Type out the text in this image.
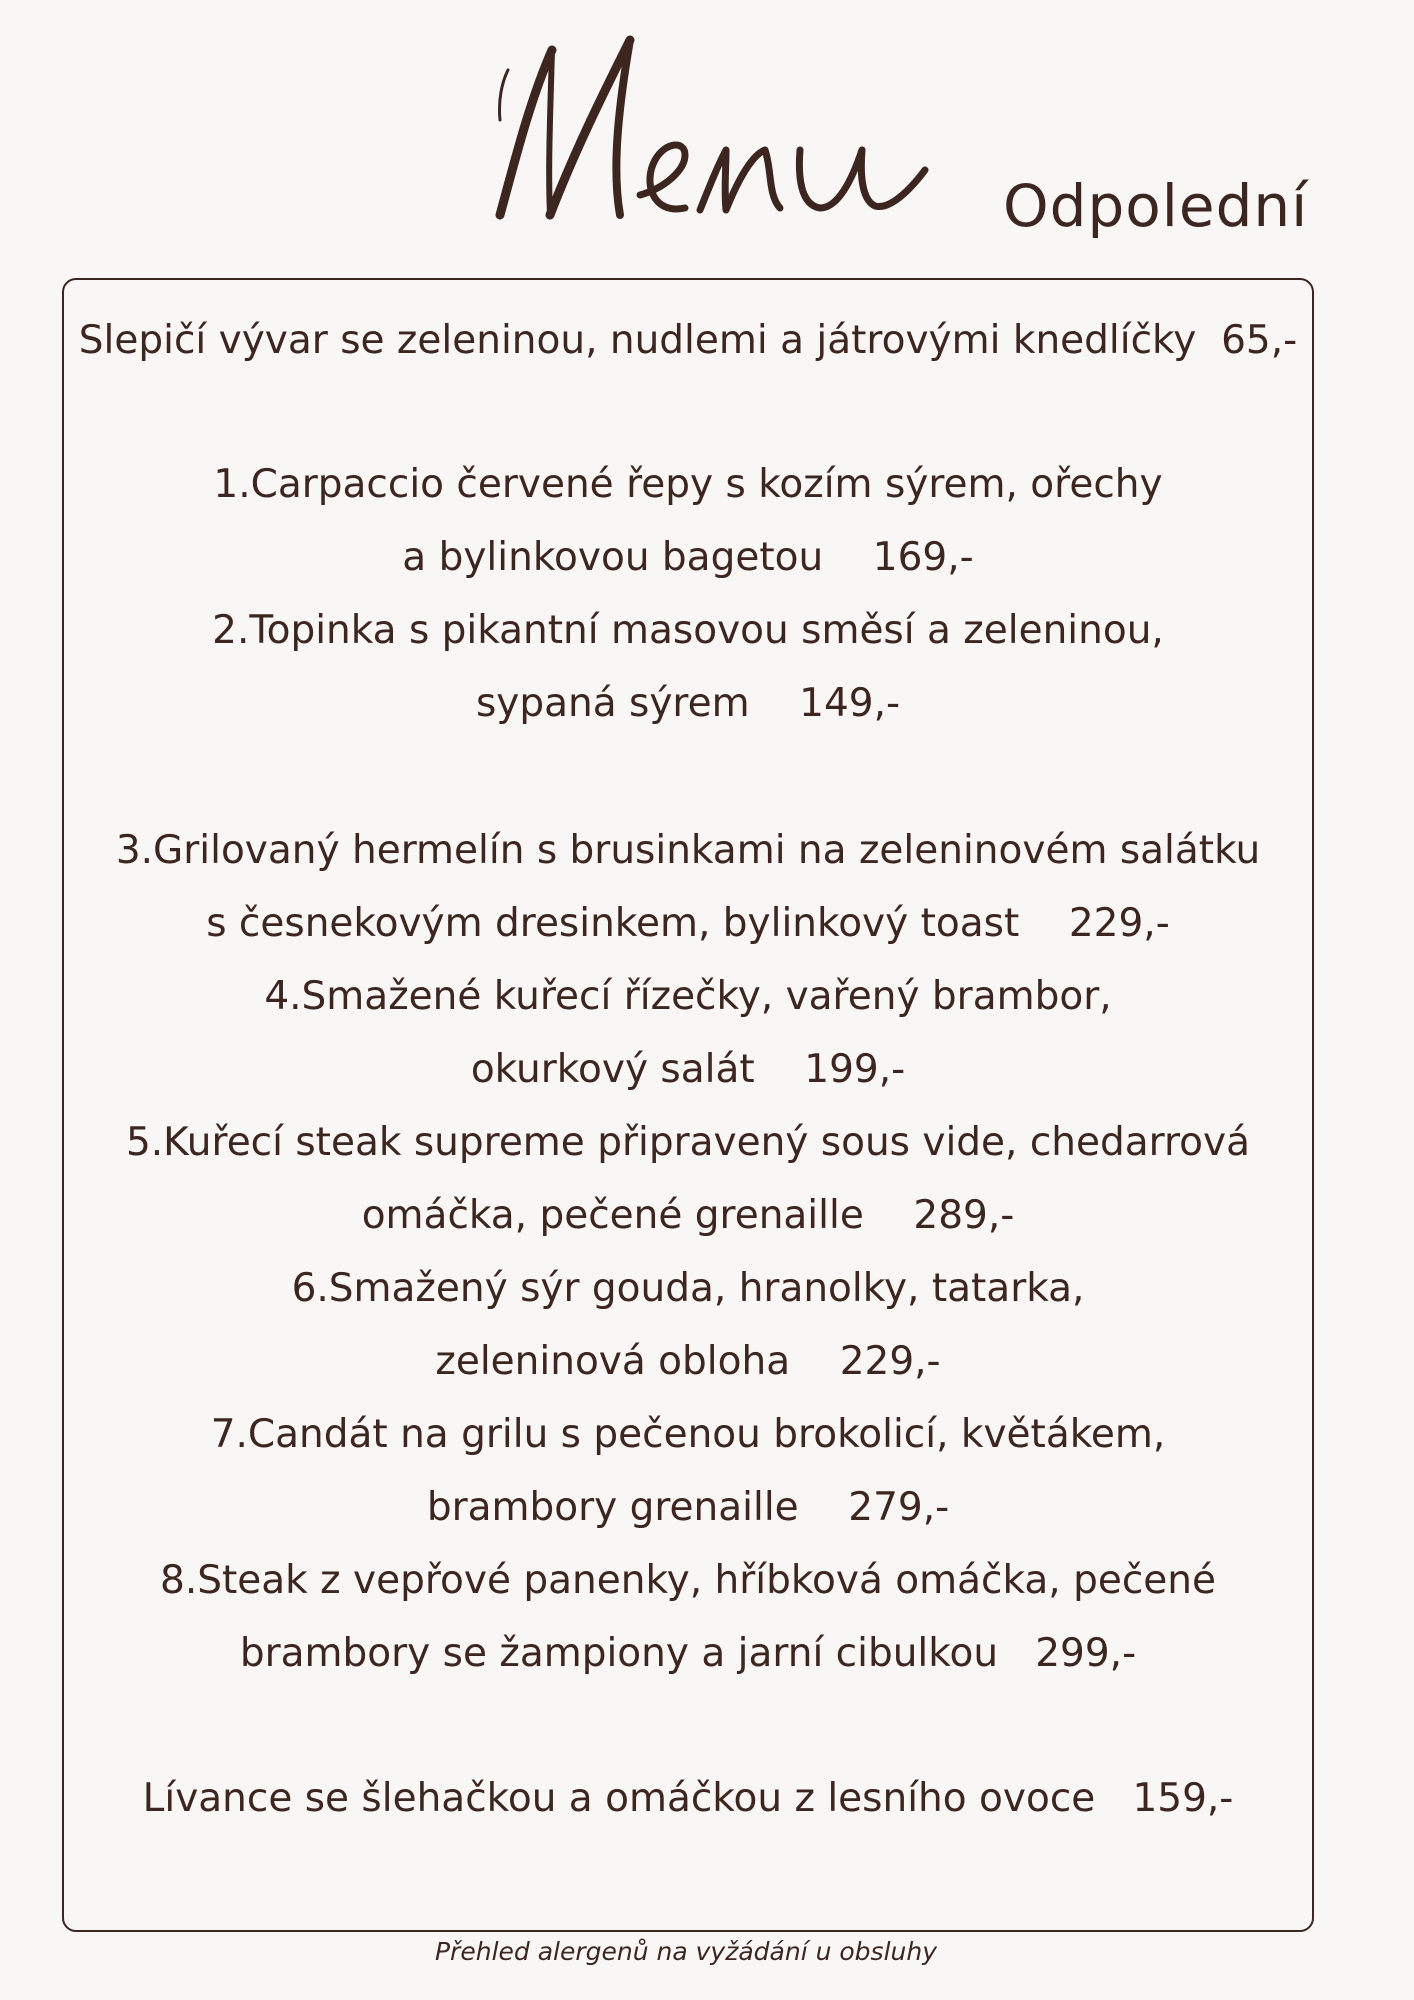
Odpolední
Slepičí vývar se zeleninou, nudlemi a játrovými knedlíčky  65,-
1.Carpaccio červené řepy s kozím sýrem, ořechy
a bylinkovou bagetou    169,-
2.Topinka s pikantní masovou směsí a zeleninou,
sypaná sýrem    149,-
3.Grilovaný hermelín s brusinkami na zeleninovém salátku
s česnekovým dresinkem, bylinkový toast    229,-
4.Smažené kuřecí řízečky, vařený brambor,
okurkový salát    199,-
5.Kuřecí steak supreme připravený sous vide, chedarrová
omáčka, pečené grenaille    289,-
6.Smažený sýr gouda, hranolky, tatarka,
zeleninová obloha    229,-
7.Candát na grilu s pečenou brokolicí, květákem,
brambory grenaille    279,-
8.Steak z vepřové panenky, hříbková omáčka, pečené
brambory se žampiony a jarní cibulkou   299,-
Lívance se šlehačkou a omáčkou z lesního ovoce   159,-
Přehled alergenů na vyžádání u obsluhy
